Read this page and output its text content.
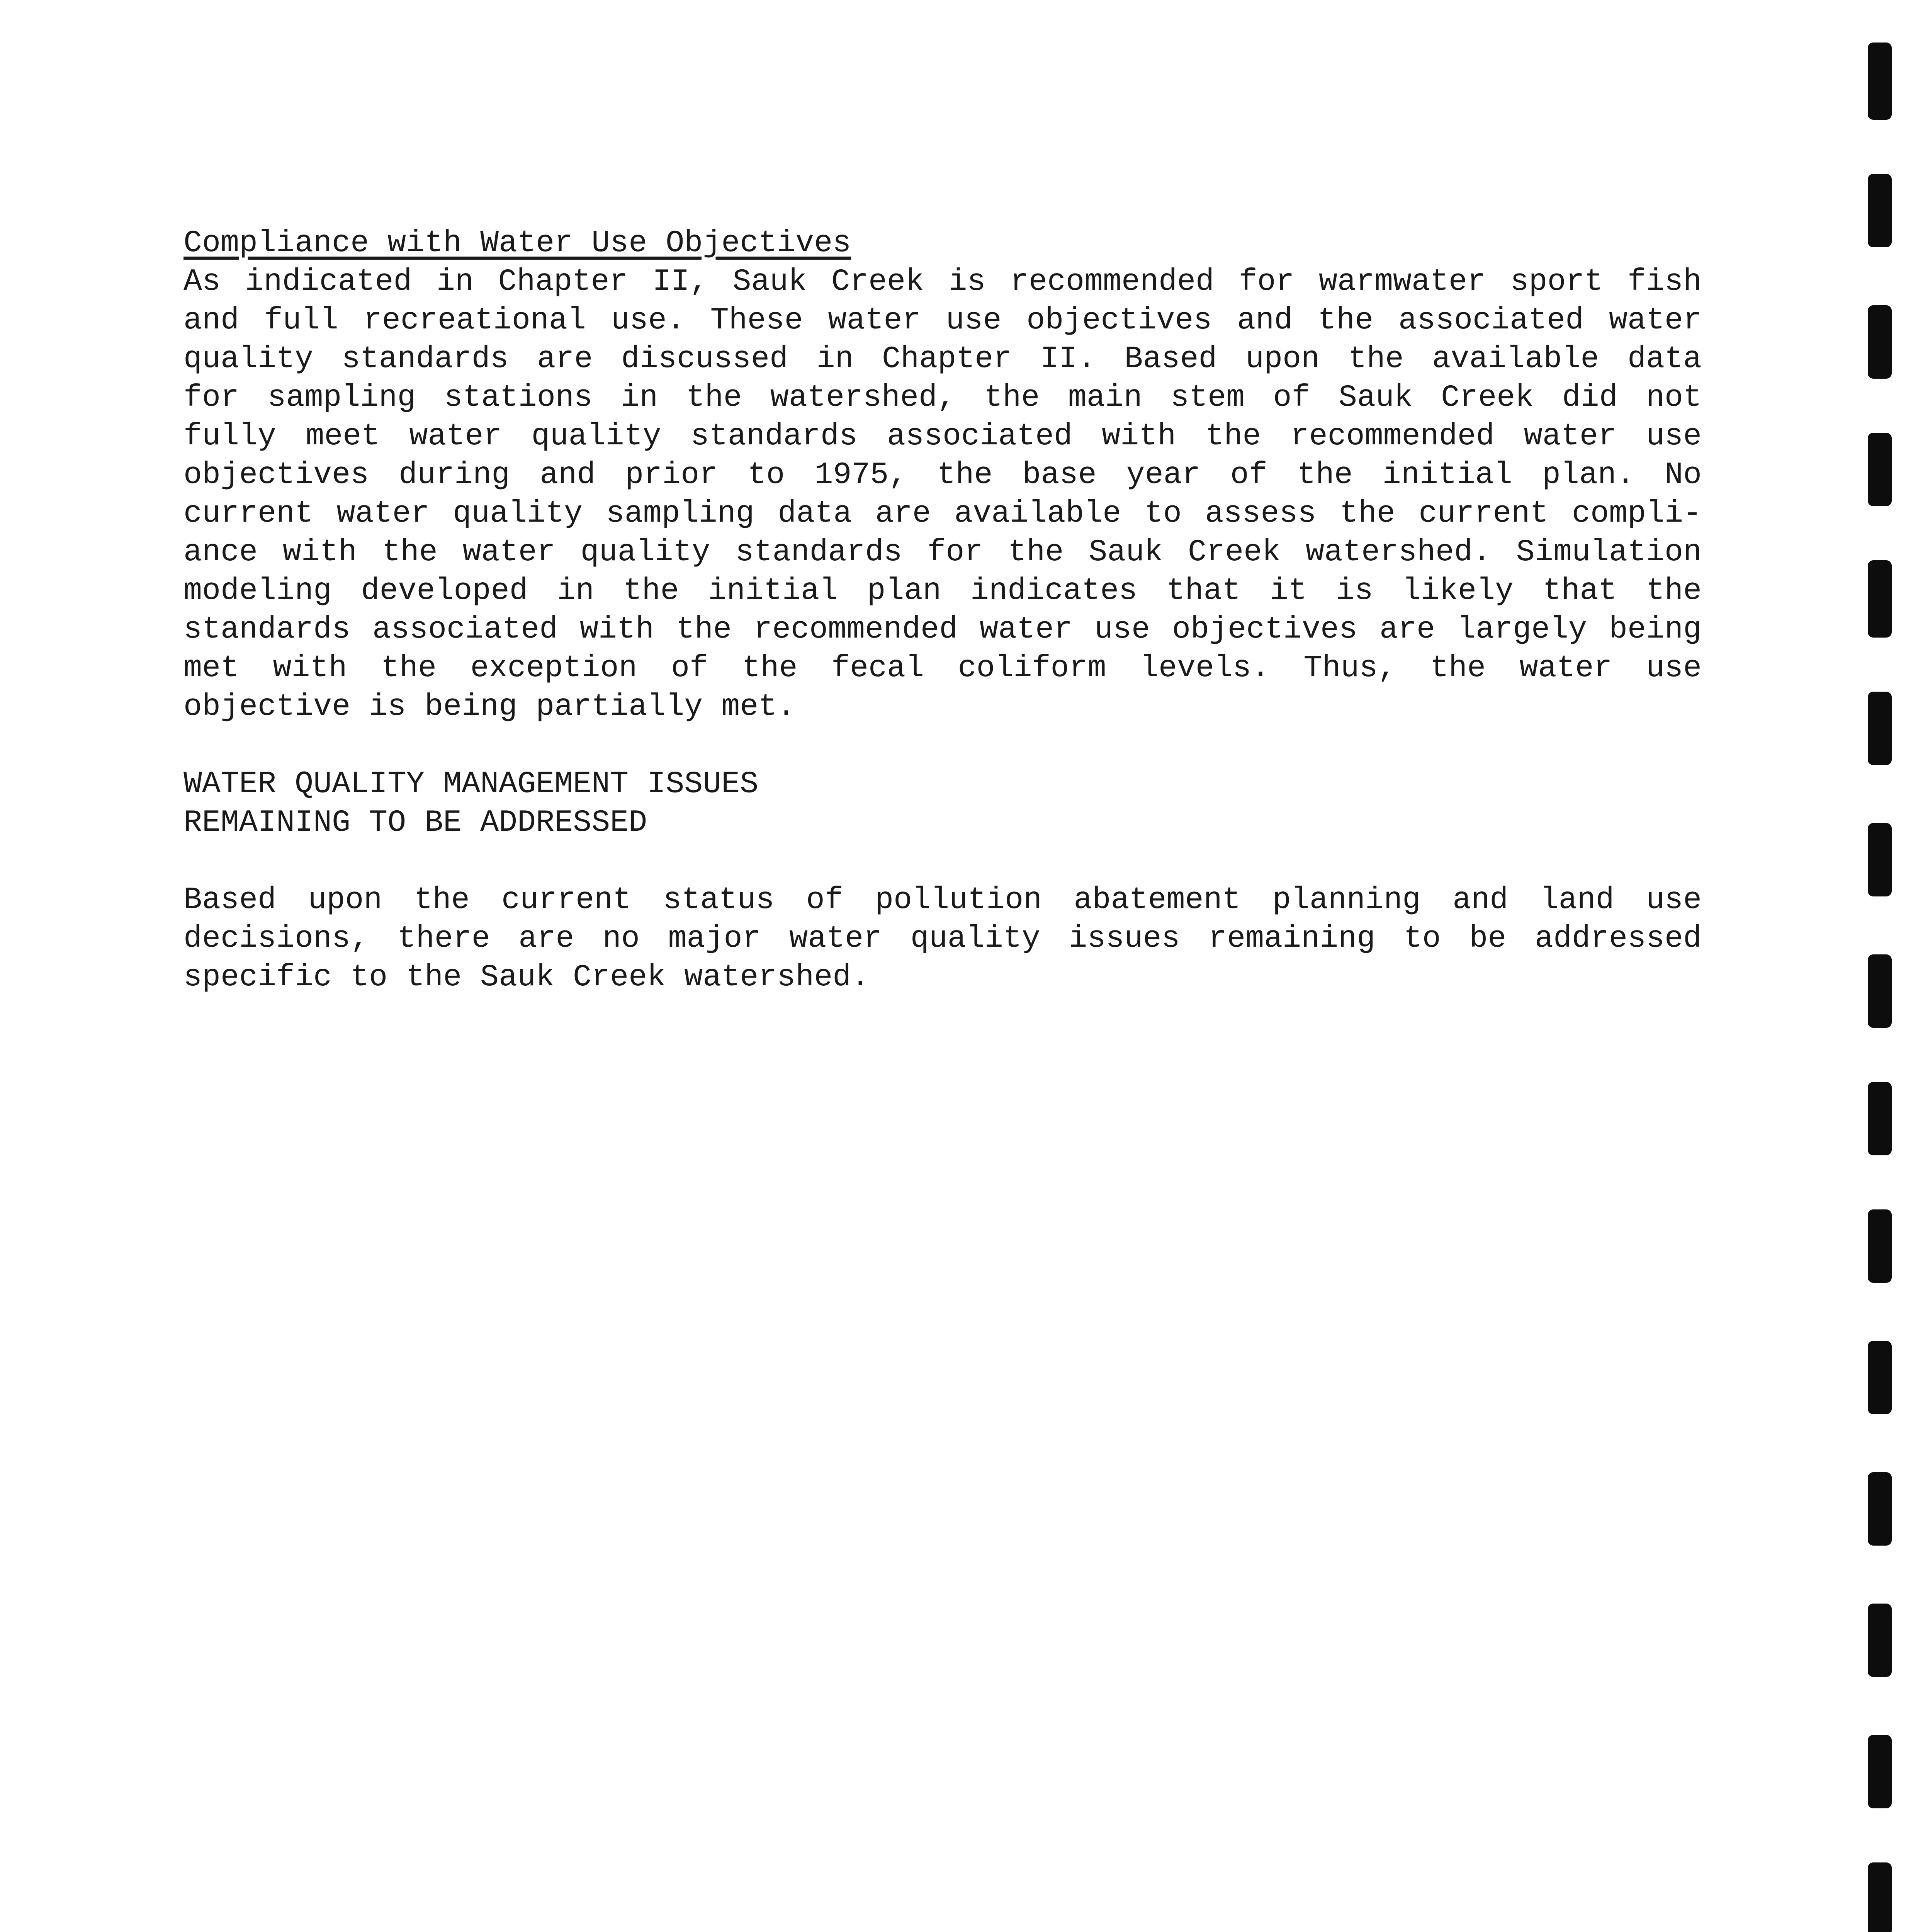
Compliance with Water Use Objectives
As indicated in Chapter II, Sauk Creek is recommended for warmwater sport fish
and full recreational use. These water use objectives and the associated water
quality standards are discussed in Chapter II. Based upon the available data
for sampling stations in the watershed, the main stem of Sauk Creek did not
fully meet water quality standards associated with the recommended water use
objectives during and prior to 1975, the base year of the initial plan. No
current water quality sampling data are available to assess the current compli-
ance with the water quality standards for the Sauk Creek watershed. Simulation
modeling developed in the initial plan indicates that it is likely that the
standards associated with the recommended water use objectives are largely being
met with the exception of the fecal coliform levels. Thus, the water use
objective is being partially met.
WATER QUALITY MANAGEMENT ISSUES
REMAINING TO BE ADDRESSED
Based upon the current status of pollution abatement planning and land use
decisions, there are no major water quality issues remaining to be addressed
specific to the Sauk Creek watershed.
